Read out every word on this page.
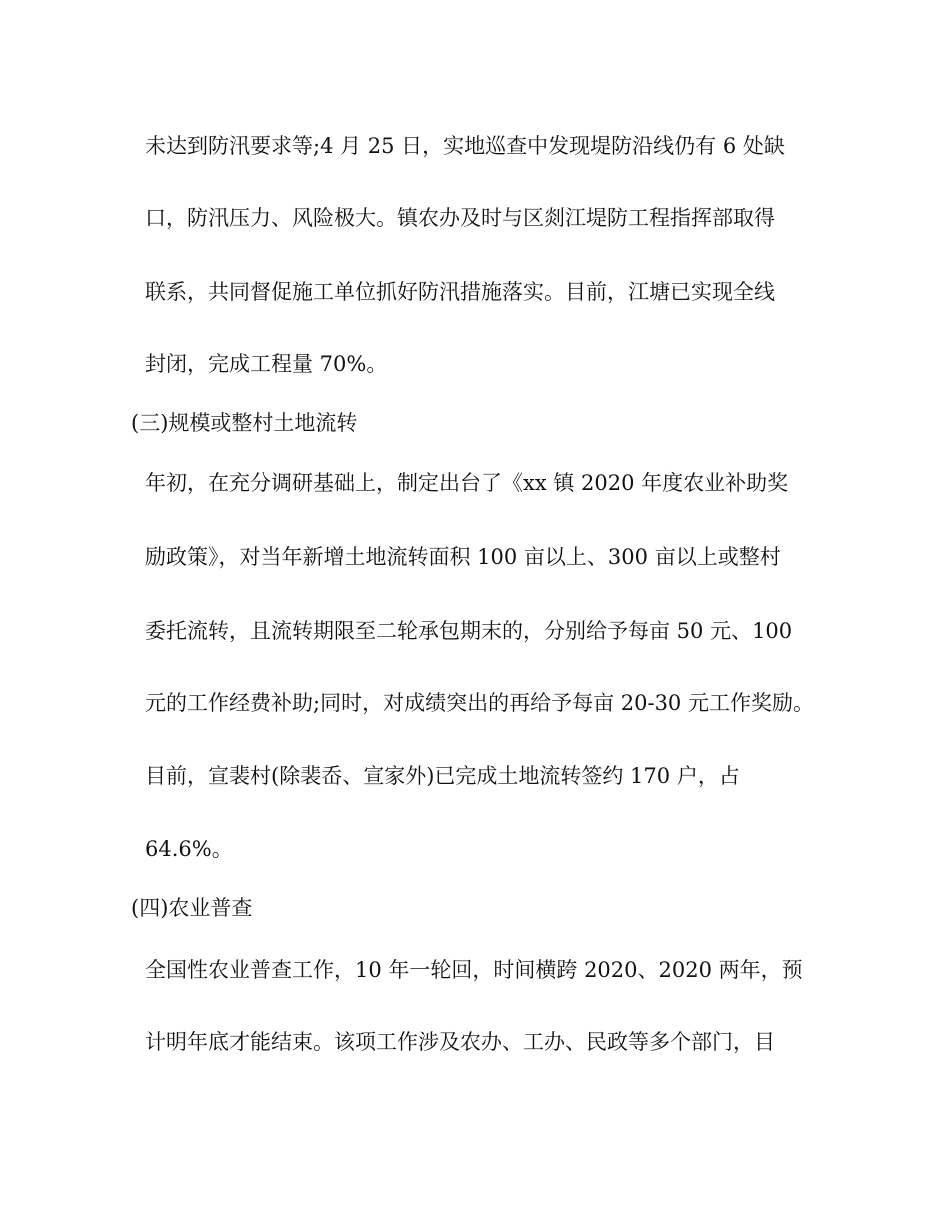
未达到防汛要求等;4 月 25 日，实地巡查中发现堤防沿线仍有 6 处缺
口，防汛压力、风险极大。镇农办及时与区剡江堤防工程指挥部取得
联系，共同督促施工单位抓好防汛措施落实。目前，江塘已实现全线
封闭，完成工程量 70%。
(三)规模或整村土地流转
年初，在充分调研基础上，制定出台了《xx 镇 2020 年度农业补助奖
励政策》，对当年新增土地流转面积 100 亩以上、300 亩以上或整村
委托流转，且流转期限至二轮承包期末的，分别给予每亩 50 元、100
元的工作经费补助;同时，对成绩突出的再给予每亩 20-30 元工作奖励。
目前，宣裴村(除裴岙、宣家外)已完成土地流转签约 170 户，占
64.6%。
(四)农业普查
全国性农业普查工作，10 年一轮回，时间横跨 2020、2020 两年，预
计明年底才能结束。该项工作涉及农办、工办、民政等多个部门，目
